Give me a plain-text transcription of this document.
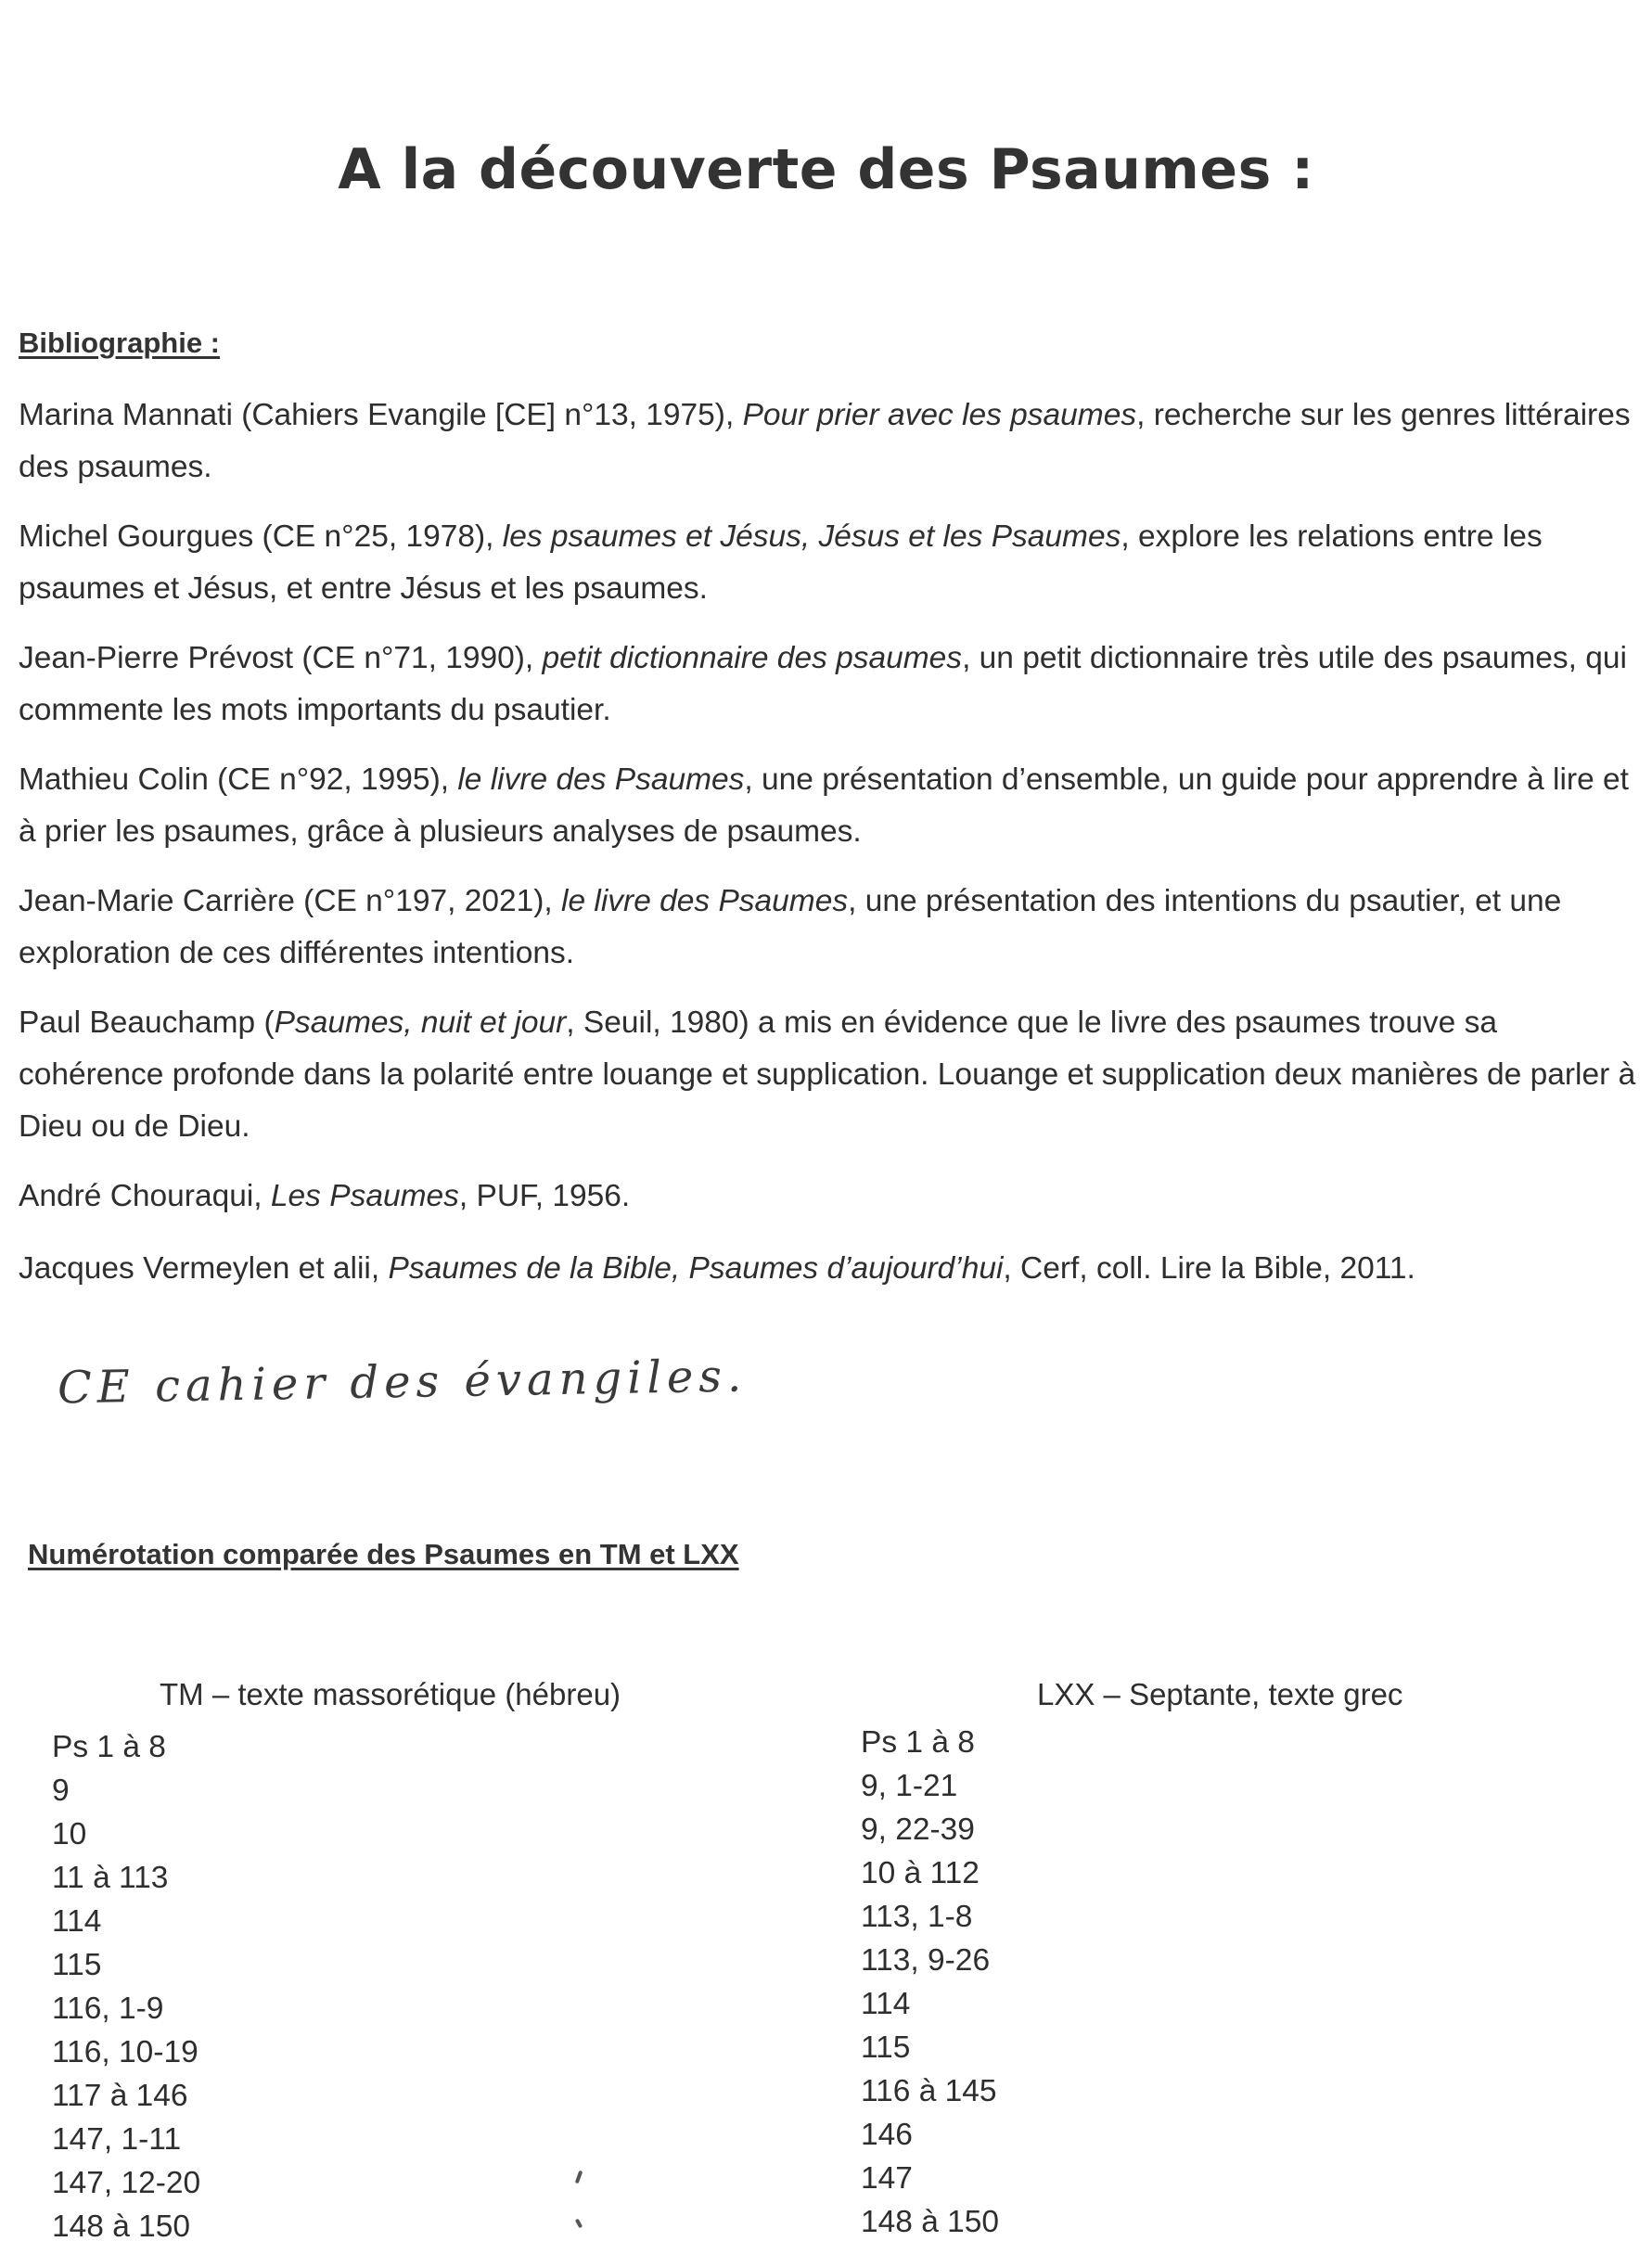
A la découverte des Psaumes :
Bibliographie :

Marina Mannati (Cahiers Evangile [CE] n°13, 1975), Pour prier avec les psaumes, recherche sur les genres littéraires des psaumes.

Michel Gourgues (CE n°25, 1978), les psaumes et Jésus, Jésus et les Psaumes, explore les relations entre les psaumes et Jésus, et entre Jésus et les psaumes.

Jean-Pierre Prévost (CE n°71, 1990), petit dictionnaire des psaumes, un petit dictionnaire très utile des psaumes, qui commente les mots importants du psautier.

Mathieu Colin (CE n°92, 1995), le livre des Psaumes, une présentation d’ensemble, un guide pour apprendre à lire et à prier les psaumes, grâce à plusieurs analyses de psaumes.

Jean-Marie Carrière (CE n°197, 2021), le livre des Psaumes, une présentation des intentions du psautier, et une exploration de ces différentes intentions.

Paul Beauchamp (Psaumes, nuit et jour, Seuil, 1980) a mis en évidence que le livre des psaumes trouve sa cohérence profonde dans la polarité entre louange et supplication. Louange et supplication deux manières de parler à Dieu ou de Dieu.

André Chouraqui, Les Psaumes, PUF, 1956.

Jacques Vermeylen et alii, Psaumes de la Bible, Psaumes d’aujourd’hui, Cerf, coll. Lire la Bible, 2011.

CE cahier des évangiles.
Numérotation comparée des Psaumes en TM et LXX
TM – texte massorétique (hébreu)	LXX – Septante, texte grec
Ps 1 à 8
9
10
11 à 113
114
115
116, 1-9
116, 10-19
117 à 146
147, 1-11
147, 12-20
148 à 150
Ps 1 à 8
9, 1-21
9, 22-39
10 à 112
113, 1-8
113, 9-26
114
115
116 à 145
146
147
148 à 150
